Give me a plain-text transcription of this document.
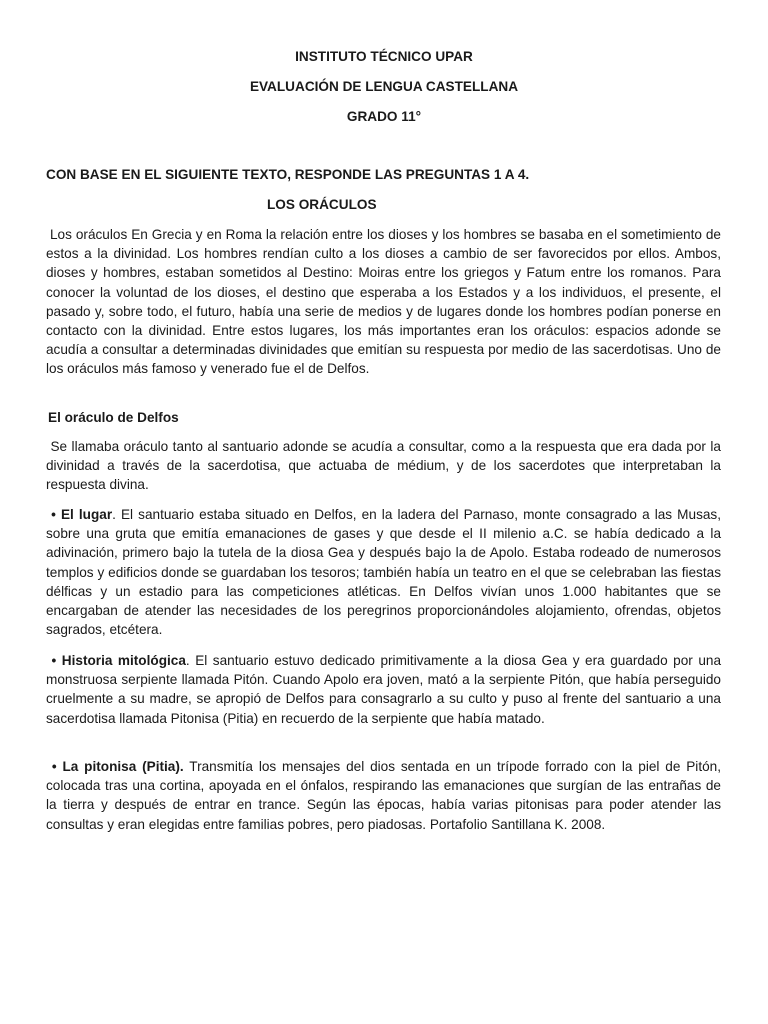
INSTITUTO TÉCNICO UPAR
EVALUACIÓN DE LENGUA CASTELLANA
GRADO 11°
CON BASE EN EL SIGUIENTE TEXTO, RESPONDE LAS PREGUNTAS 1 A 4.
LOS ORÁCULOS

Los oráculos En Grecia y en Roma la relación entre los dioses y los hombres se basaba en el sometimiento de estos a la divinidad. Los hombres rendían culto a los dioses a cambio de ser favorecidos por ellos. Ambos, dioses y hombres, estaban sometidos al Destino: Moiras entre los griegos y Fatum entre los romanos. Para conocer la voluntad de los dioses, el destino que esperaba a los Estados y a los individuos, el presente, el pasado y, sobre todo, el futuro, había una serie de medios y de lugares donde los hombres podían ponerse en contacto con la divinidad. Entre estos lugares, los más importantes eran los oráculos: espacios adonde se acudía a consultar a determinadas divinidades que emitían su respuesta por medio de las sacerdotisas. Uno de los oráculos más famoso y venerado fue el de Delfos.

El oráculo de Delfos

Se llamaba oráculo tanto al santuario adonde se acudía a consultar, como a la respuesta que era dada por la divinidad a través de la sacerdotisa, que actuaba de médium, y de los sacerdotes que interpretaban la respuesta divina.

• El lugar. El santuario estaba situado en Delfos, en la ladera del Parnaso, monte consagrado a las Musas, sobre una gruta que emitía emanaciones de gases y que desde el II milenio a.C. se había dedicado a la adivinación, primero bajo la tutela de la diosa Gea y después bajo la de Apolo. Estaba rodeado de numerosos templos y edificios donde se guardaban los tesoros; también había un teatro en el que se celebraban las fiestas délficas y un estadio para las competiciones atléticas. En Delfos vivían unos 1.000 habitantes que se encargaban de atender las necesidades de los peregrinos proporcionándoles alojamiento, ofrendas, objetos sagrados, etcétera.

• Historia mitológica. El santuario estuvo dedicado primitivamente a la diosa Gea y era guardado por una monstruosa serpiente llamada Pitón. Cuando Apolo era joven, mató a la serpiente Pitón, que había perseguido cruelmente a su madre, se apropió de Delfos para consagrarlo a su culto y puso al frente del santuario a una sacerdotisa llamada Pitonisa (Pitia) en recuerdo de la serpiente que había matado.

• La pitonisa (Pitia). Transmitía los mensajes del dios sentada en un trípode forrado con la piel de Pitón, colocada tras una cortina, apoyada en el ónfalos, respirando las emanaciones que surgían de las entrañas de la tierra y después de entrar en trance. Según las épocas, había varias pitonisas para poder atender las consultas y eran elegidas entre familias pobres, pero piadosas. Portafolio Santillana K. 2008.
